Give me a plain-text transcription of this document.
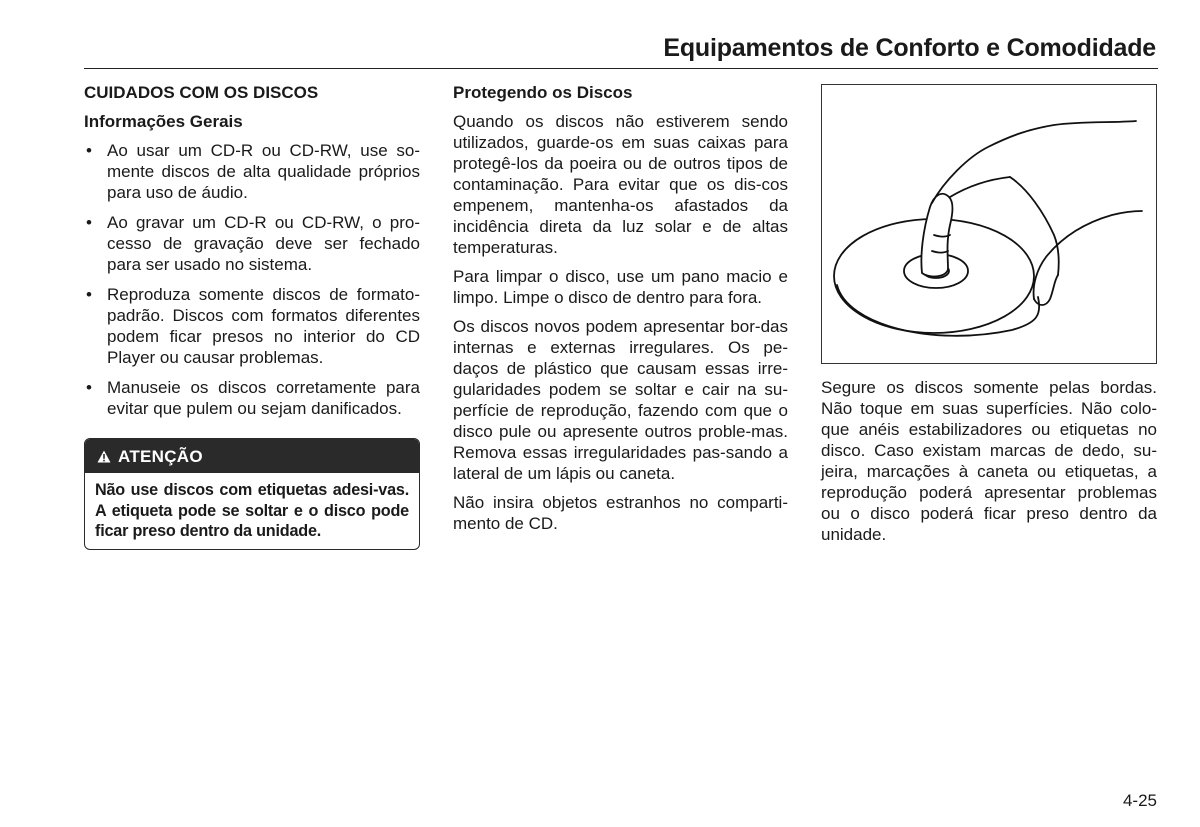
Equipamentos de Conforto e Comodidade
CUIDADOS COM OS DISCOS
Informações Gerais
• Ao usar um CD-R ou CD-RW, use so-mente discos de alta qualidade próprios para uso de áudio.
• Ao gravar um CD-R ou CD-RW, o pro-cesso de gravação deve ser fechado para ser usado no sistema.
• Reproduza somente discos de formato-padrão. Discos com formatos diferentes podem ficar presos no interior do CD Player ou causar problemas.
• Manuseie os discos corretamente para evitar que pulem ou sejam danificados.
ATENÇÃO
Não use discos com etiquetas adesi-vas. A etiqueta pode se soltar e o disco pode ficar preso dentro da unidade.
Protegendo os Discos

Quando os discos não estiverem sendo utilizados, guarde-os em suas caixas para protegê-los da poeira ou de outros tipos de contaminação. Para evitar que os dis-cos empenem, mantenha-os afastados da incidência direta da luz solar e de altas temperaturas.

Para limpar o disco, use um pano macio e limpo. Limpe o disco de dentro para fora.

Os discos novos podem apresentar bor-das internas e externas irregulares. Os pe-daços de plástico que causam essas irre-gularidades podem se soltar e cair na su-perfície de reprodução, fazendo com que o disco pule ou apresente outros proble-mas. Remova essas irregularidades pas-sando a lateral de um lápis ou caneta.

Não insira objetos estranhos no comparti-mento de CD.

Segure os discos somente pelas bordas. Não toque em suas superfícies. Não colo-que anéis estabilizadores ou etiquetas no disco. Caso existam marcas de dedo, su-jeira, marcações à caneta ou etiquetas, a reprodução poderá apresentar problemas ou o disco poderá ficar preso dentro da unidade.

4-25
